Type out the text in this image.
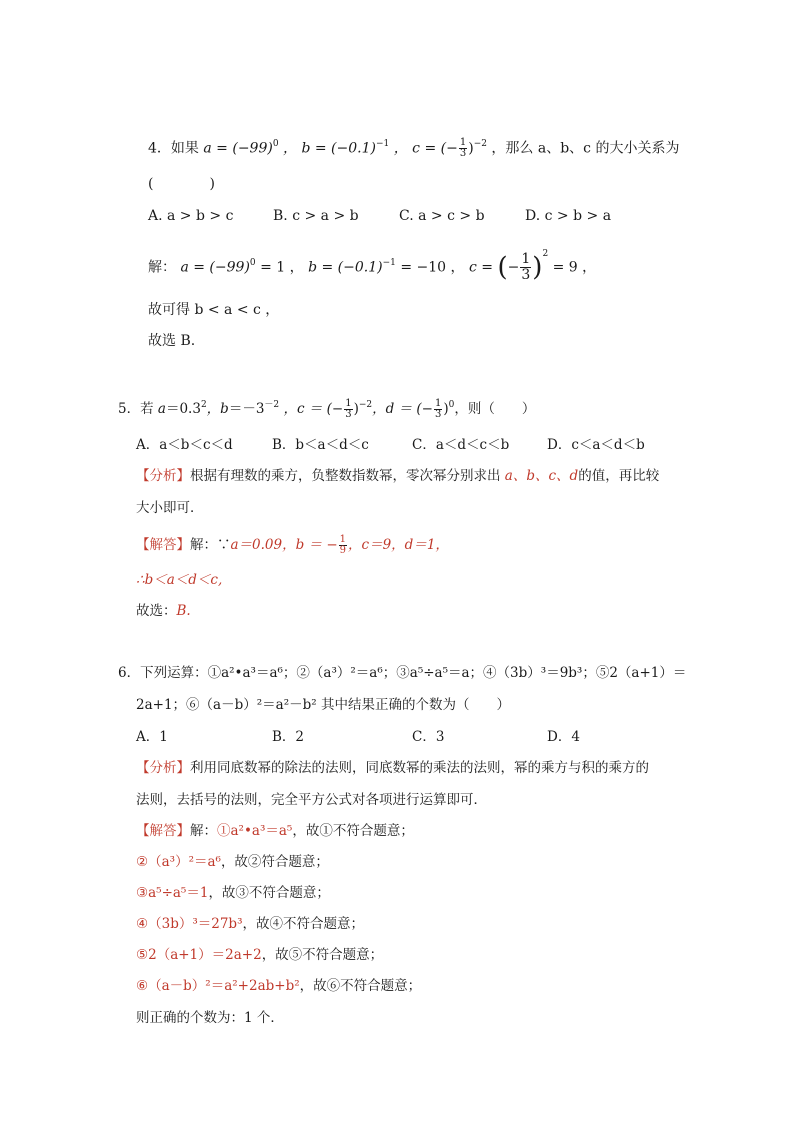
4．如果 $a = (-99)^0$ ， $b = (-0.1)^{-1}$ ， c = (− $\frac{1}{3} )^{-2}$ ，那么 a、b、c 的大小关系为
(　　　　)
A. a > b > c	B. c > a > b	C. a > c > b	D. c > b > a
解： $a = (-99)^0 = 1$ ， $b = (-0.1)^{-1} = -10$ ， c = (− $\frac{1}{3} )^2 = 9$ ，
故可得 b < a < c ，
故选 B.
5．若 $a=0.3^2$，$b=-3^{-2}$ ，c ＝ (− $\frac{1}{3} )^{-2}$，d ＝ (− $\frac{1}{3} )^0$，则（　　）
A．a＜b＜c＜d	B．b＜a＜d＜c	C．a＜d＜c＜b	D．c＜a＜d＜b
【分析】根据有理数的乘方，负整数指数幂，零次幂分别求出 a、b、c、d的值，再比较
大小即可．
【解答】解：∵a＝0.09，b ＝ − $\frac{1}{9}$ ，c＝9，d＝1，
∴b＜a＜d＜c,
故选：B.
6．下列运算：①a²•a³＝a⁶；②（a³）²＝a⁶；③a⁵÷a⁵＝a；④（3b）³＝9b³；⑤2（a+1）＝
2a+1；⑥（a－b）²＝a²－b² 其中结果正确的个数为（　　）
A．1	B．2	C．3	D．4
【分析】利用同底数幂的除法的法则，同底数幂的乘法的法则，幂的乘方与积的乘方的
法则，去括号的法则，完全平方公式对各项进行运算即可．
【解答】解：①a²•a³＝a⁵，故①不符合题意；
②（a³）²＝a⁶，故②符合题意；
③a⁵÷a⁵＝1，故③不符合题意；
④（3b）³＝27b³，故④不符合题意；
⑤2（a+1）＝2a+2，故⑤不符合题意；
⑥（a－b）²＝a²+2ab+b²，故⑥不符合题意；
则正确的个数为：1 个．
